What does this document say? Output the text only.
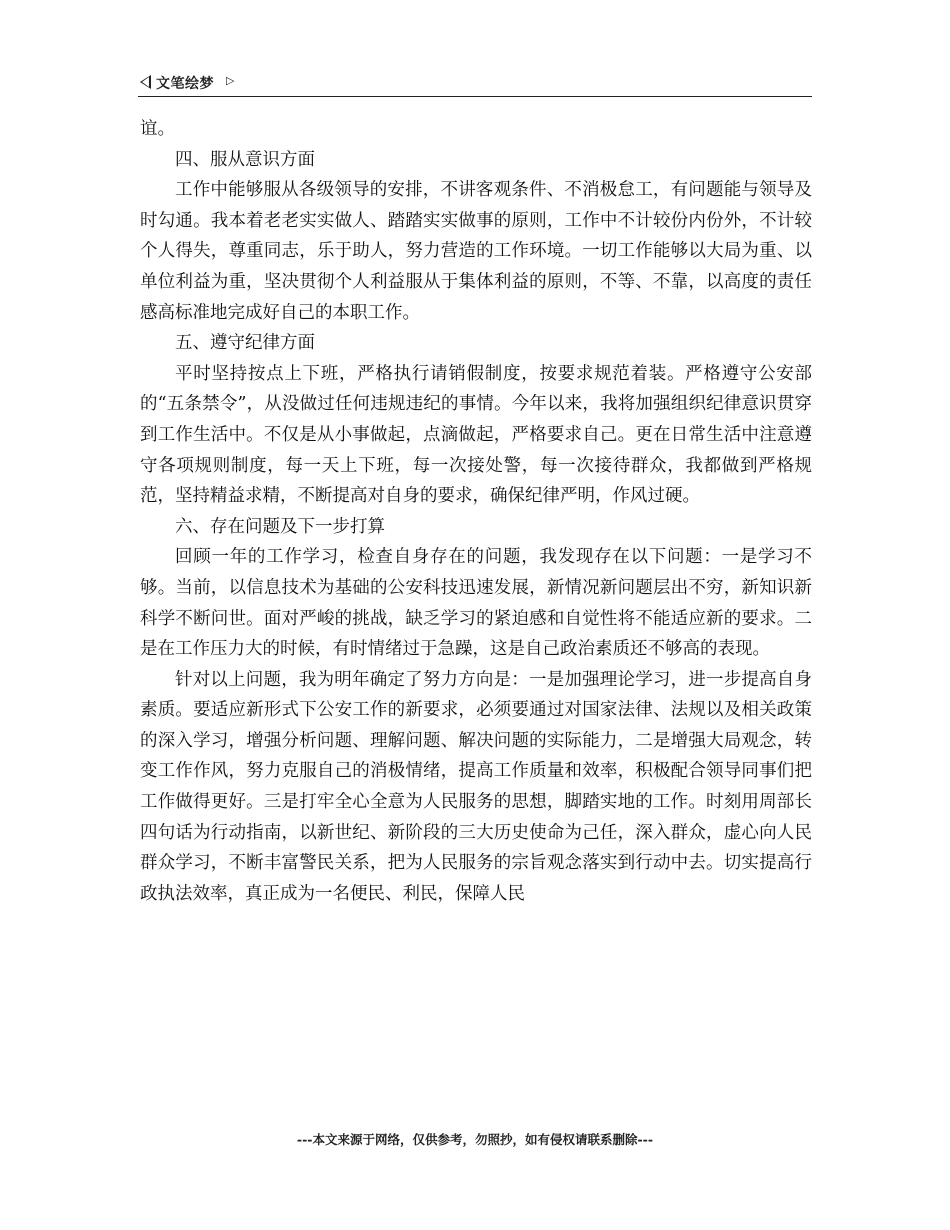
文笔绘梦 ▷

谊。

四、服从意识方面

工作中能够服从各级领导的安排，不讲客观条件、不消极怠工，有问题能与领导及时勾通。我本着老老实实做人、踏踏实实做事的原则，工作中不计较份内份外，不计较个人得失，尊重同志，乐于助人，努力营造的工作环境。一切工作能够以大局为重、以单位利益为重，坚决贯彻个人利益服从于集体利益的原则，不等、不靠，以高度的责任感高标准地完成好自己的本职工作。

五、遵守纪律方面

平时坚持按点上下班，严格执行请销假制度，按要求规范着装。严格遵守公安部的“五条禁令”，从没做过任何违规违纪的事情。今年以来，我将加强组织纪律意识贯穿到工作生活中。不仅是从小事做起，点滴做起，严格要求自己。更在日常生活中注意遵守各项规则制度，每一天上下班，每一次接处警，每一次接待群众，我都做到严格规范，坚持精益求精，不断提高对自身的要求，确保纪律严明，作风过硬。

六、存在问题及下一步打算

回顾一年的工作学习，检查自身存在的问题，我发现存在以下问题：一是学习不够。当前，以信息技术为基础的公安科技迅速发展，新情况新问题层出不穷，新知识新科学不断问世。面对严峻的挑战，缺乏学习的紧迫感和自觉性将不能适应新的要求。二是在工作压力大的时候，有时情绪过于急躁，这是自己政治素质还不够高的表现。

针对以上问题，我为明年确定了努力方向是：一是加强理论学习，进一步提高自身素质。要适应新形式下公安工作的新要求，必须要通过对国家法律、法规以及相关政策的深入学习，增强分析问题、理解问题、解决问题的实际能力，二是增强大局观念，转变工作作风，努力克服自己的消极情绪，提高工作质量和效率，积极配合领导同事们把工作做得更好。三是打牢全心全意为人民服务的思想，脚踏实地的工作。时刻用周部长四句话为行动指南，以新世纪、新阶段的三大历史使命为己任，深入群众，虚心向人民群众学习，不断丰富警民关系，把为人民服务的宗旨观念落实到行动中去。切实提高行政执法效率，真正成为一名便民、利民，保障人民

---本文来源于网络，仅供参考，勿照抄，如有侵权请联系删除---
